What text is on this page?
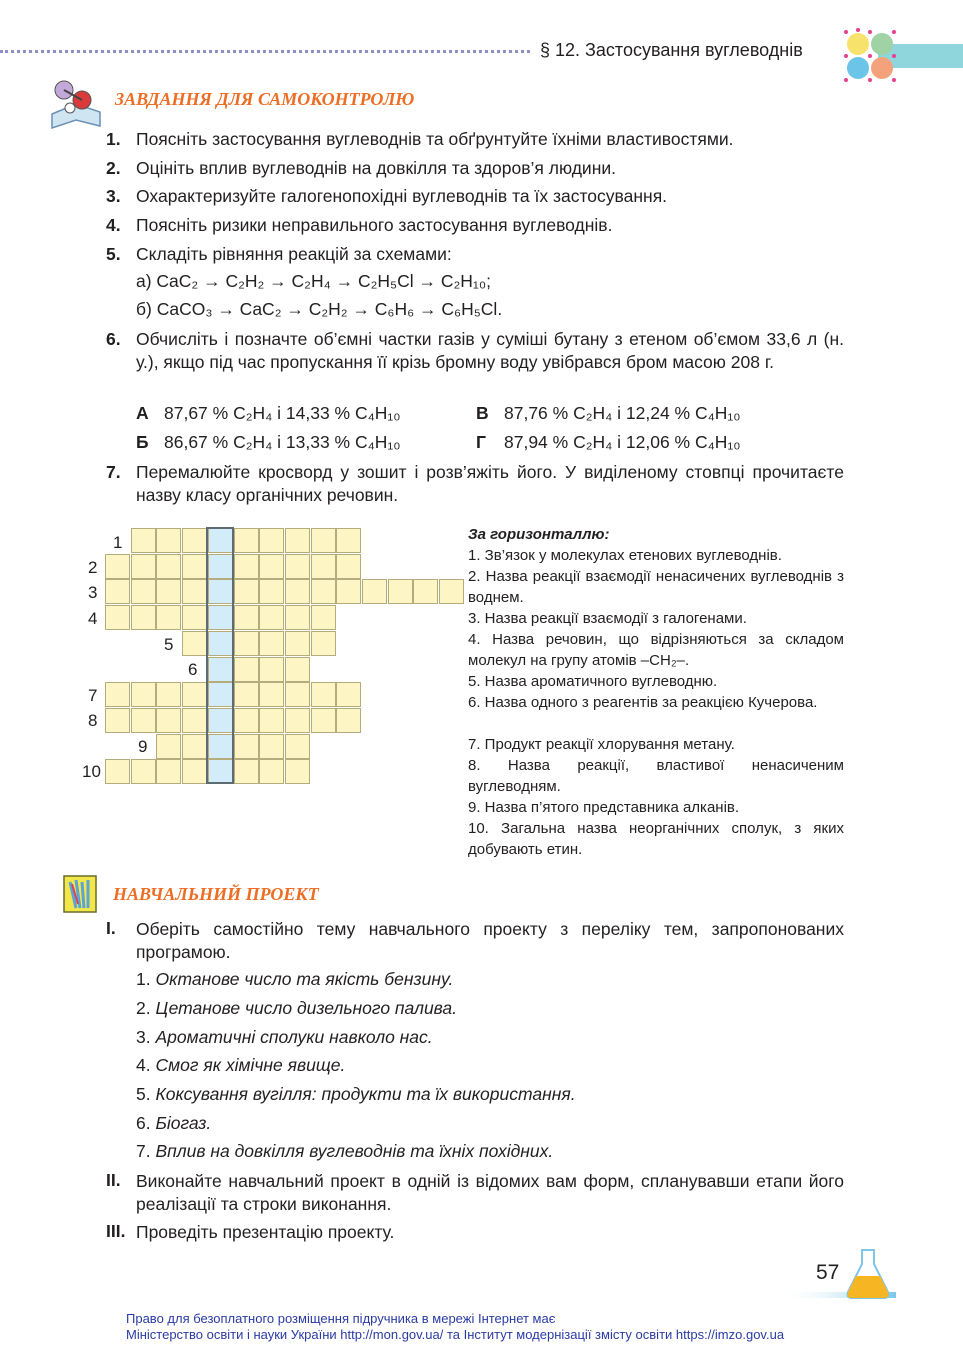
§ 12. Застосування вуглеводнів
ЗАВДАННЯ ДЛЯ САМОКОНТРОЛЮ
1. Поясніть застосування вуглеводнів та обґрунтуйте їхніми властивостями.
2. Оцініть вплив вуглеводнів на довкілля та здоров’я людини.
3. Охарактеризуйте галогенопохідні вуглеводнів та їх застосування.
4. Поясніть ризики неправильного застосування вуглеводнів.
5. Складіть рівняння реакцій за схемами:
а) CaC₂ → C₂H₂ → C₂H₄ → C₂H₅Cl → C₂H₁₀;
б) CaCO₃ → CaC₂ → C₂H₂ → C₆H₆ → C₆H₅Cl.
6. Обчисліть і позначте об’ємні частки газів у суміші бутану з етеном об’ємом 33,6 л (н. у.), якщо під час пропускання її крізь бромну воду увібрався бром масою 208 г.
А 87,67 % C₂H₄ і 14,33 % C₄H₁₀	В 87,76 % C₂H₄ і 12,24 % C₄H₁₀
Б 86,67 % C₂H₄ і 13,33 % C₄H₁₀	Г 87,94 % C₂H₄ і 12,06 % C₄H₁₀
7. Перемалюйте кросворд у зошит і розв’яжіть його. У виділеному стовпці прочитаєте назву класу органічних речовин.
1
2
3
4
5
6
7
8
9
10
За горизонталлю:
1. Зв’язок у молекулах етенових вуглеводнів.
2. Назва реакції взаємодії ненасичених вуглеводнів з воднем.
3. Назва реакції взаємодії з галогенами.
4. Назва речовин, що відрізняються за складом молекул на групу атомів –CH₂–.
5. Назва ароматичного вуглеводню.
6. Назва одного з реагентів за реакцією Кучерова.
7. Продукт реакції хлорування метану.
8. Назва реакції, властивої ненасиченим вуглеводням.
9. Назва п’ятого представника алканів.
10. Загальна назва неорганічних сполук, з яких добувають етин.
НАВЧАЛЬНИЙ ПРОЕКТ
I. Оберіть самостійно тему навчального проекту з переліку тем, запропонованих програмою.
1. Октанове число та якість бензину.
2. Цетанове число дизельного палива.
3. Ароматичні сполуки навколо нас.
4. Смог як хімічне явище.
5. Коксування вугілля: продукти та їх використання.
6. Біогаз.
7. Вплив на довкілля вуглеводнів та їхніх похідних.
II. Виконайте навчальний проект в одній із відомих вам форм, спланувавши етапи його реалізації та строки виконання.
III. Проведіть презентацію проекту.
57
Право для безоплатного розміщення підручника в мережі Інтернет має
Міністерство освіти і науки України http://mon.gov.ua/ та Інститут модернізації змісту освіти https://imzo.gov.ua
